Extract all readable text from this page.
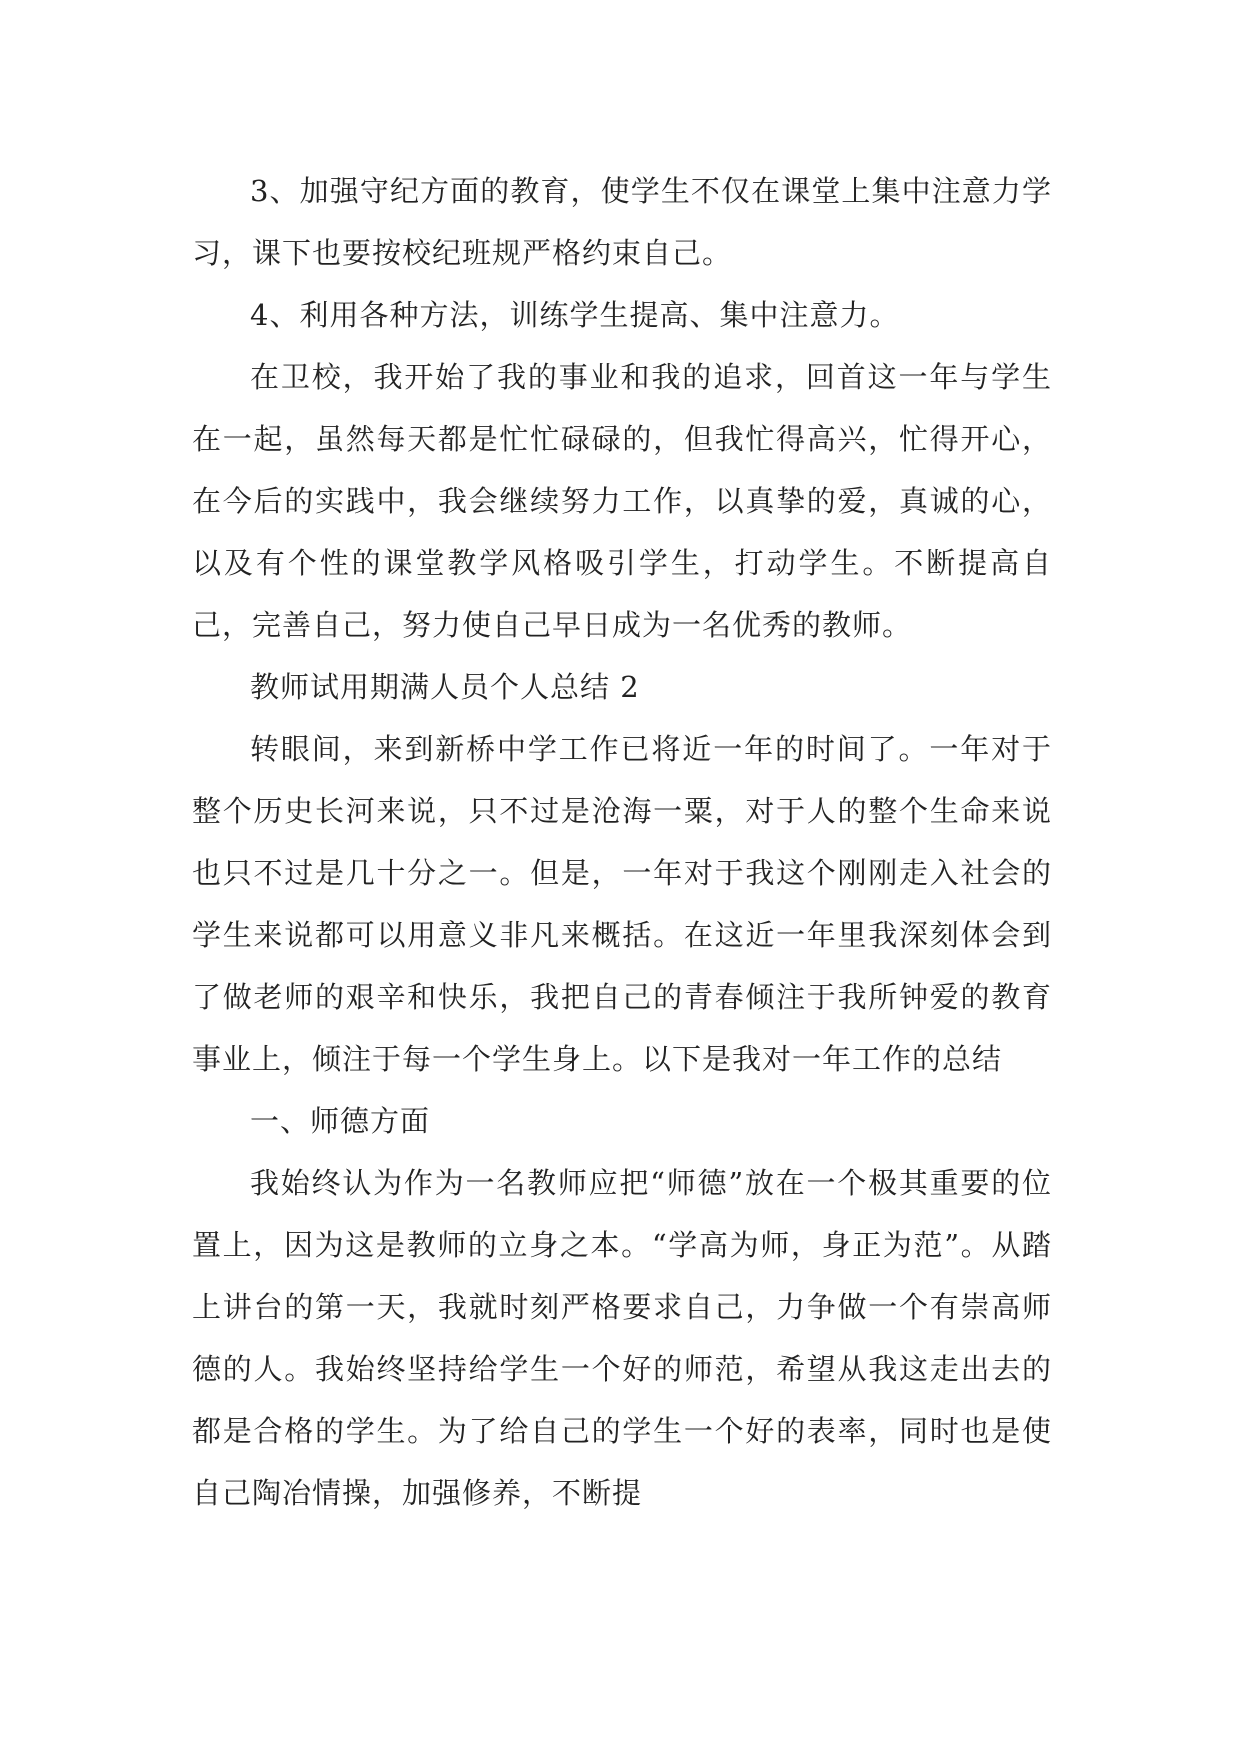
3、加强守纪方面的教育，使学生不仅在课堂上集中注意力学习，课下也要按校纪班规严格约束自己。

4、利用各种方法，训练学生提高、集中注意力。

在卫校，我开始了我的事业和我的追求，回首这一年与学生在一起，虽然每天都是忙忙碌碌的，但我忙得高兴，忙得开心，在今后的实践中，我会继续努力工作，以真挚的爱，真诚的心，以及有个性的课堂教学风格吸引学生，打动学生。不断提高自己，完善自己，努力使自己早日成为一名优秀的教师。

教师试用期满人员个人总结 2

转眼间，来到新桥中学工作已将近一年的时间了。一年对于整个历史长河来说，只不过是沧海一粟，对于人的整个生命来说也只不过是几十分之一。但是，一年对于我这个刚刚走入社会的学生来说都可以用意义非凡来概括。在这近一年里我深刻体会到了做老师的艰辛和快乐，我把自己的青春倾注于我所钟爱的教育事业上，倾注于每一个学生身上。以下是我对一年工作的总结

一、师德方面

我始终认为作为一名教师应把“师德”放在一个极其重要的位置上，因为这是教师的立身之本。“学高为师，身正为范”。从踏上讲台的第一天，我就时刻严格要求自己，力争做一个有崇高师德的人。我始终坚持给学生一个好的师范，希望从我这走出去的都是合格的学生。为了给自己的学生一个好的表率，同时也是使自己陶冶情操，加强修养，不断提
